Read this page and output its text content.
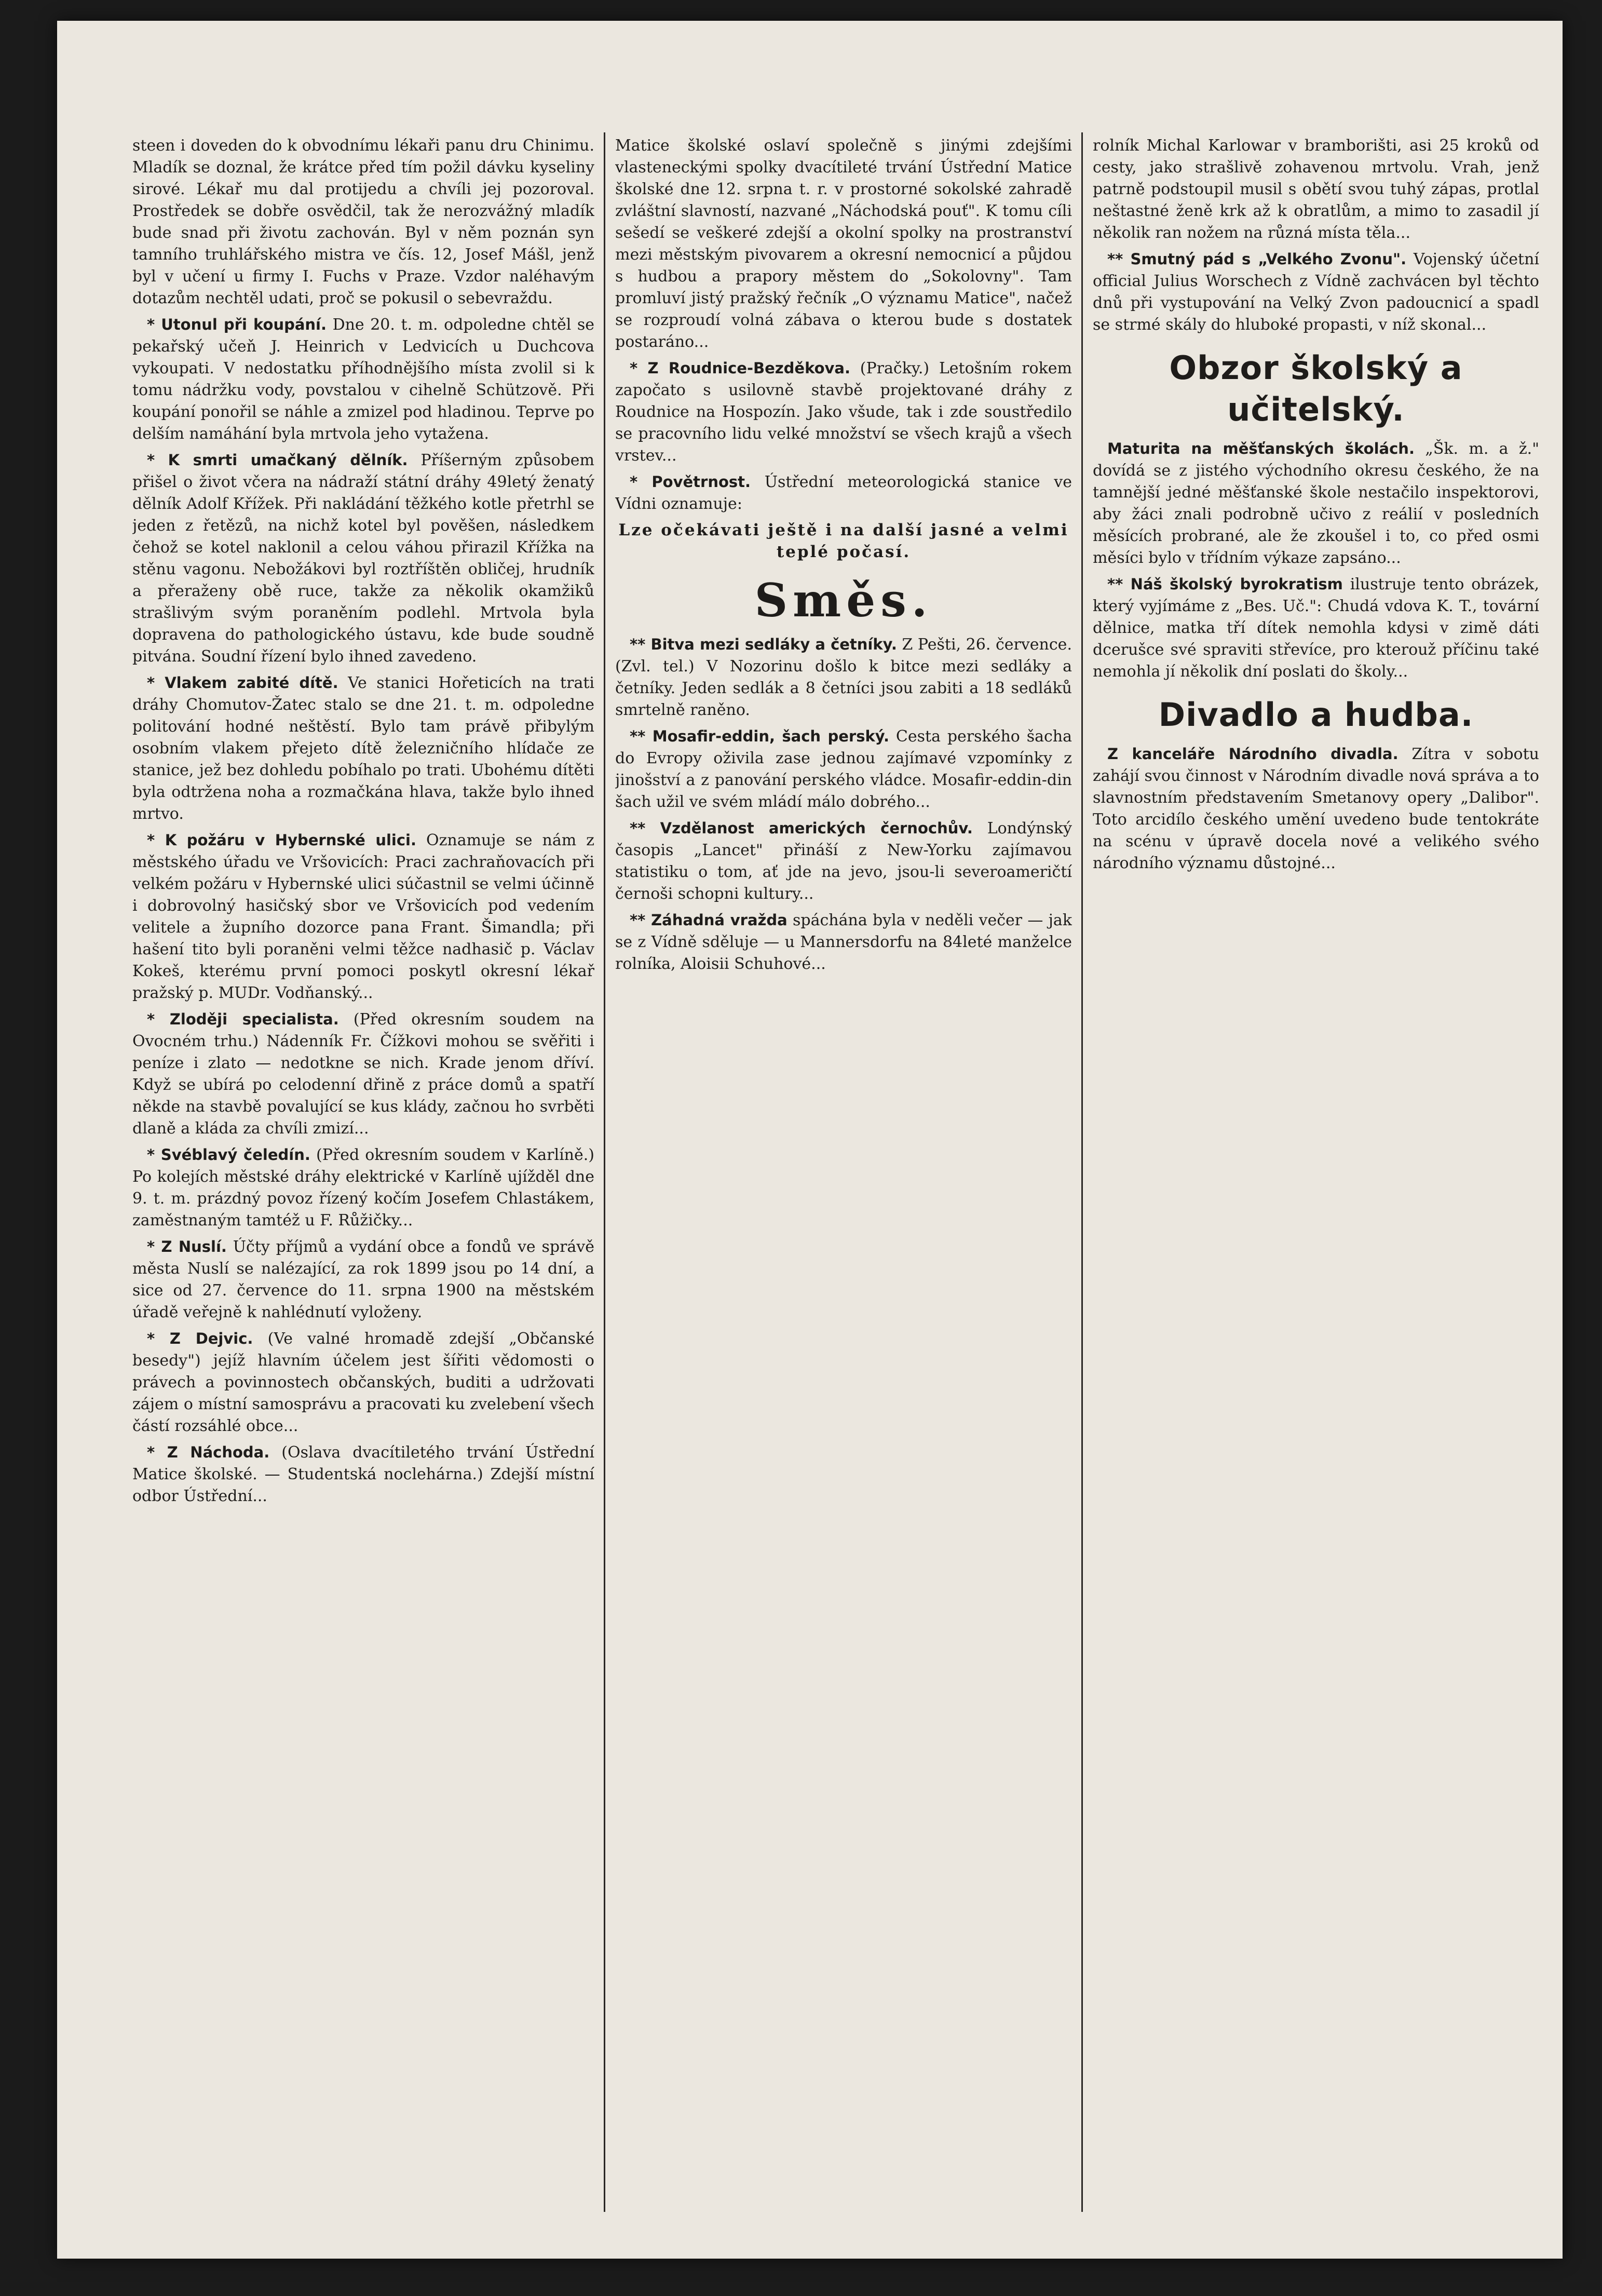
steen i doveden do k obvodnímu lékaři panu dru Chinimu. Mladík se doznal, že krátce před tím požil dávku kyseliny sirové. Lékař mu dal protijedu a chvíli jej pozoroval. Prostředek se dobře osvědčil, tak že nerozvážný mladík bude snad při životu zachován. Byl v něm poznán syn tamního truhlářského mistra ve čís. 12, Josef Mášl, jenž byl v učení u firmy I. Fuchs v Praze. Vzdor naléhavým dotazům nechtěl udati, proč se pokusil o sebevraždu.

* Utonul při koupání. Dne 20. t. m. odpoledne chtěl se pekařský učeň J. Heinrich v Ledvicích u Duchcova vykoupati. V nedostatku příhodnějšího místa zvolil si k tomu nádržku vody, povstalou v cihelně Schützově. Při koupání ponořil se náhle a zmizel pod hladinou. Teprve po delším namáhání byla mrtvola jeho vytažena.

* K smrti umačkaný dělník. Příšerným způsobem přišel o život včera na nádraží státní dráhy 49letý ženatý dělník Adolf Křížek. Při nakládání těžkého kotle přetrhl se jeden z řetězů, na nichž kotel byl pověšen, následkem čehož se kotel naklonil a celou váhou přirazil Křížka na stěnu vagonu. Nebožákovi byl roztříštěn obličej, hrudník a přeraženy obě ruce, takže za několik okamžiků strašlivým svým poraněním podlehl. Mrtvola byla dopravena do pathologického ústavu, kde bude soudně pitvána. Soudní řízení bylo ihned zavedeno.

* Vlakem zabité dítě. Ve stanici Hořeticích na trati dráhy Chomutov-Žatec stalo se dne 21. t. m. odpoledne politování hodné neštěstí. Bylo tam právě přibylým osobním vlakem přejeto dítě železničního hlídače ze stanice, jež bez dohledu pobíhalo po trati. Ubohému dítěti byla odtržena noha a rozmačkána hlava, takže bylo ihned mrtvo.

* K požáru v Hybernské ulici. Oznamuje se nám z městského úřadu ve Vršovicích: Praci zachraňovacích při velkém požáru v Hybernské ulici súčastnil se velmi účinně i dobrovolný hasičský sbor ve Vršovicích pod vedením velitele a župního dozorce pana Frant. Šimandla; při hašení tito byli poraněni velmi těžce nadhasič p. Václav Kokeš, kterému první pomoci poskytl okresní lékař pražský p. MUDr. Vodňanský...

* Zloději specialista. (Před okresním soudem na Ovocném trhu.) Nádenník Fr. Čížkovi mohou se svěřiti i peníze i zlato — nedotkne se nich. Krade jenom dříví. Když se ubírá po celodenní dřině z práce domů a spatří někde na stavbě povalující se kus klády, začnou ho svrběti dlaně a kláda za chvíli zmizí...

* Svéblavý čeledín. (Před okresním soudem v Karlíně.) Po kolejích městské dráhy elektrické v Karlíně ujížděl dne 9. t. m. prázdný povoz řízený kočím Josefem Chlastákem, zaměstnaným tamtéž u F. Růžičky...

* Z Nuslí. Účty příjmů a vydání obce a fondů ve správě města Nuslí se nalézající, za rok 1899 jsou po 14 dní, a sice od 27. července do 11. srpna 1900 na městském úřadě veřejně k nahlédnutí vyloženy.

* Z Dejvic. (Ve valné hromadě zdejší „Občanské besedy") jejíž hlavním účelem jest šířiti vědomosti o právech a povinnostech občanských, buditi a udržovati zájem o místní samosprávu a pracovati ku zvelebení všech částí rozsáhlé obce...

* Z Náchoda. (Oslava dvacítiletého trvání Ústřední Matice školské. — Studentská noclehárna.) Zdejší místní odbor Ústřední...

Matice školské oslaví společně s jinými zdejšími vlasteneckými spolky dvacítileté trvání Ústřední Matice školské dne 12. srpna t. r. v prostorné sokolské zahradě zvláštní slavností, nazvané „Náchodská pouť". K tomu cíli sešedí se veškeré zdejší a okolní spolky na prostranství mezi městským pivovarem a okresní nemocnicí a půjdou s hudbou a prapory městem do „Sokolovny". Tam promluví jistý pražský řečník „O významu Matice", načež se rozproudí volná zábava o kterou bude s dostatek postaráno...

* Z Roudnice-Bezděkova. (Pračky.) Letošním rokem započato s usilovně stavbě projektované dráhy z Roudnice na Hospozín. Jako všude, tak i zde soustředilo se pracovního lidu velké množství se všech krajů a všech vrstev...

* Povětrnost. Ústřední meteorologická stanice ve Vídni oznamuje:

Lze očekávati ještě i na další jasné a velmi teplé počasí.

Směs.

** Bitva mezi sedláky a četníky. Z Pešti, 26. července. (Zvl. tel.) V Nozorinu došlo k bitce mezi sedláky a četníky. Jeden sedlák a 8 četníci jsou zabiti a 18 sedláků smrtelně raněno.

** Mosafir-eddin, šach perský. Cesta perského šacha do Evropy oživila zase jednou zajímavé vzpomínky z jinošství a z panování perského vládce. Mosafir-eddin-din šach užil ve svém mládí málo dobrého...

** Vzdělanost amerických černochův. Londýnský časopis „Lancet" přináší z New-Yorku zajímavou statistiku o tom, ať jde na jevo, jsou-li severoameričtí černoši schopni kultury...

** Záhadná vražda spáchána byla v neděli večer — jak se z Vídně sděluje — u Mannersdorfu na 84leté manželce rolníka, Aloisii Schuhové...

rolník Michal Karlowar v bramborišti, asi 25 kroků od cesty, jako strašlivě zohavenou mrtvolu. Vrah, jenž patrně podstoupil musil s obětí svou tuhý zápas, protlal neštastné ženě krk až k obratlům, a mimo to zasadil jí několik ran nožem na různá místa těla...

** Smutný pád s „Velkého Zvonu". Vojenský účetní official Julius Worschech z Vídně zachvácen byl těchto dnů při vystupování na Velký Zvon padoucnicí a spadl se strmé skály do hluboké propasti, v níž skonal...

Obzor školský a učitelský.

Maturita na měšťanských školách. „Šk. m. a ž." dovídá se z jistého východního okresu českého, že na tamnější jedné měšťanské škole nestačilo inspektorovi, aby žáci znali podrobně učivo z reálií v posledních měsících probrané, ale že zkoušel i to, co před osmi měsíci bylo v třídním výkaze zapsáno...

** Náš školský byrokratism ilustruje tento obrázek, který vyjímáme z „Bes. Uč.": Chudá vdova K. T., tovární dělnice, matka tří dítek nemohla kdysi v zimě dáti dcerušce své spraviti střevíce, pro kterouž příčinu také nemohla jí několik dní poslati do školy...

Divadlo a hudba.

Z kanceláře Národního divadla. Zítra v sobotu zahájí svou činnost v Národním divadle nová správa a to slavnostním představením Smetanovy opery „Dalibor". Toto arcidílo českého umění uvedeno bude tentokráte na scénu v úpravě docela nové a velikého svého národního významu důstojné...
